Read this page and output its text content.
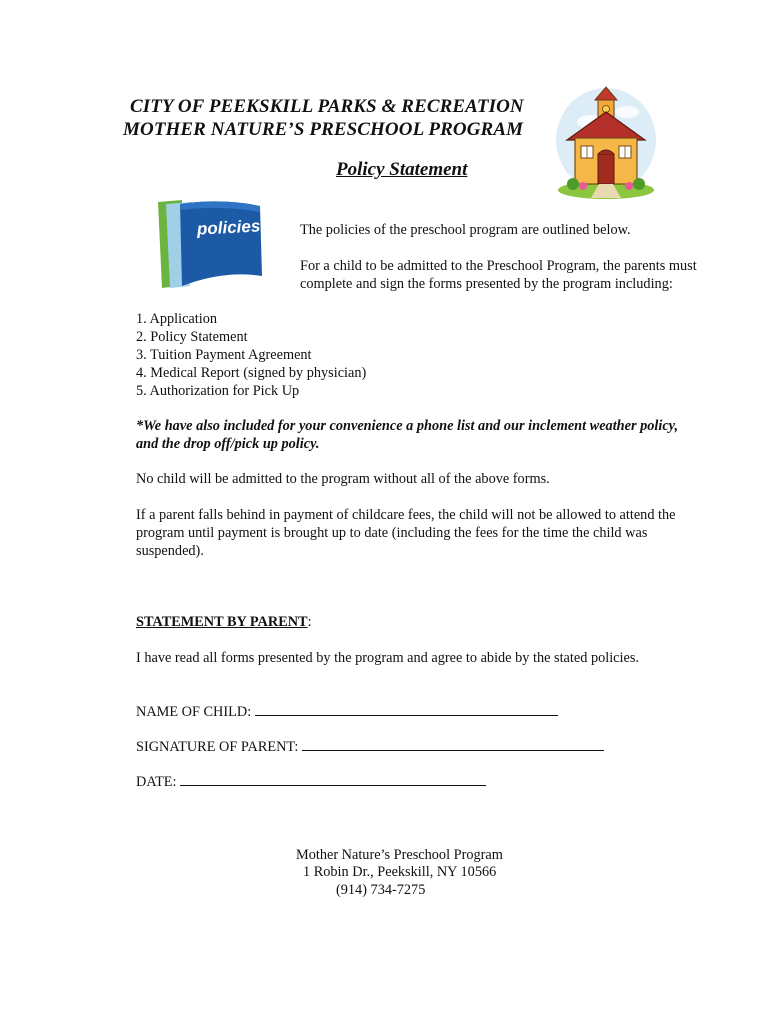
CITY OF PEEKSKILL PARKS & RECREATION
MOTHER NATURE’S PRESCHOOL PROGRAM
Policy Statement
policies	The policies of the preschool program are outlined below.
For a child to be admitted to the Preschool Program, the parents must
complete and sign the forms presented by the program including:
1. Application
2. Policy Statement
3. Tuition Payment Agreement
4. Medical Report (signed by physician)
5. Authorization for Pick Up
*We have also included for your convenience a phone list and our inclement weather policy,
and the drop off/pick up policy.
No child will be admitted to the program without all of the above forms.
If a parent falls behind in payment of childcare fees, the child will not be allowed to attend the
program until payment is brought up to date (including the fees for the time the child was
suspended).
STATEMENT BY PARENT:
I have read all forms presented by the program and agree to abide by the stated policies.
NAME OF CHILD:
SIGNATURE OF PARENT:
DATE:
Mother Nature’s Preschool Program
1 Robin Dr., Peekskill, NY 10566
(914) 734-7275
